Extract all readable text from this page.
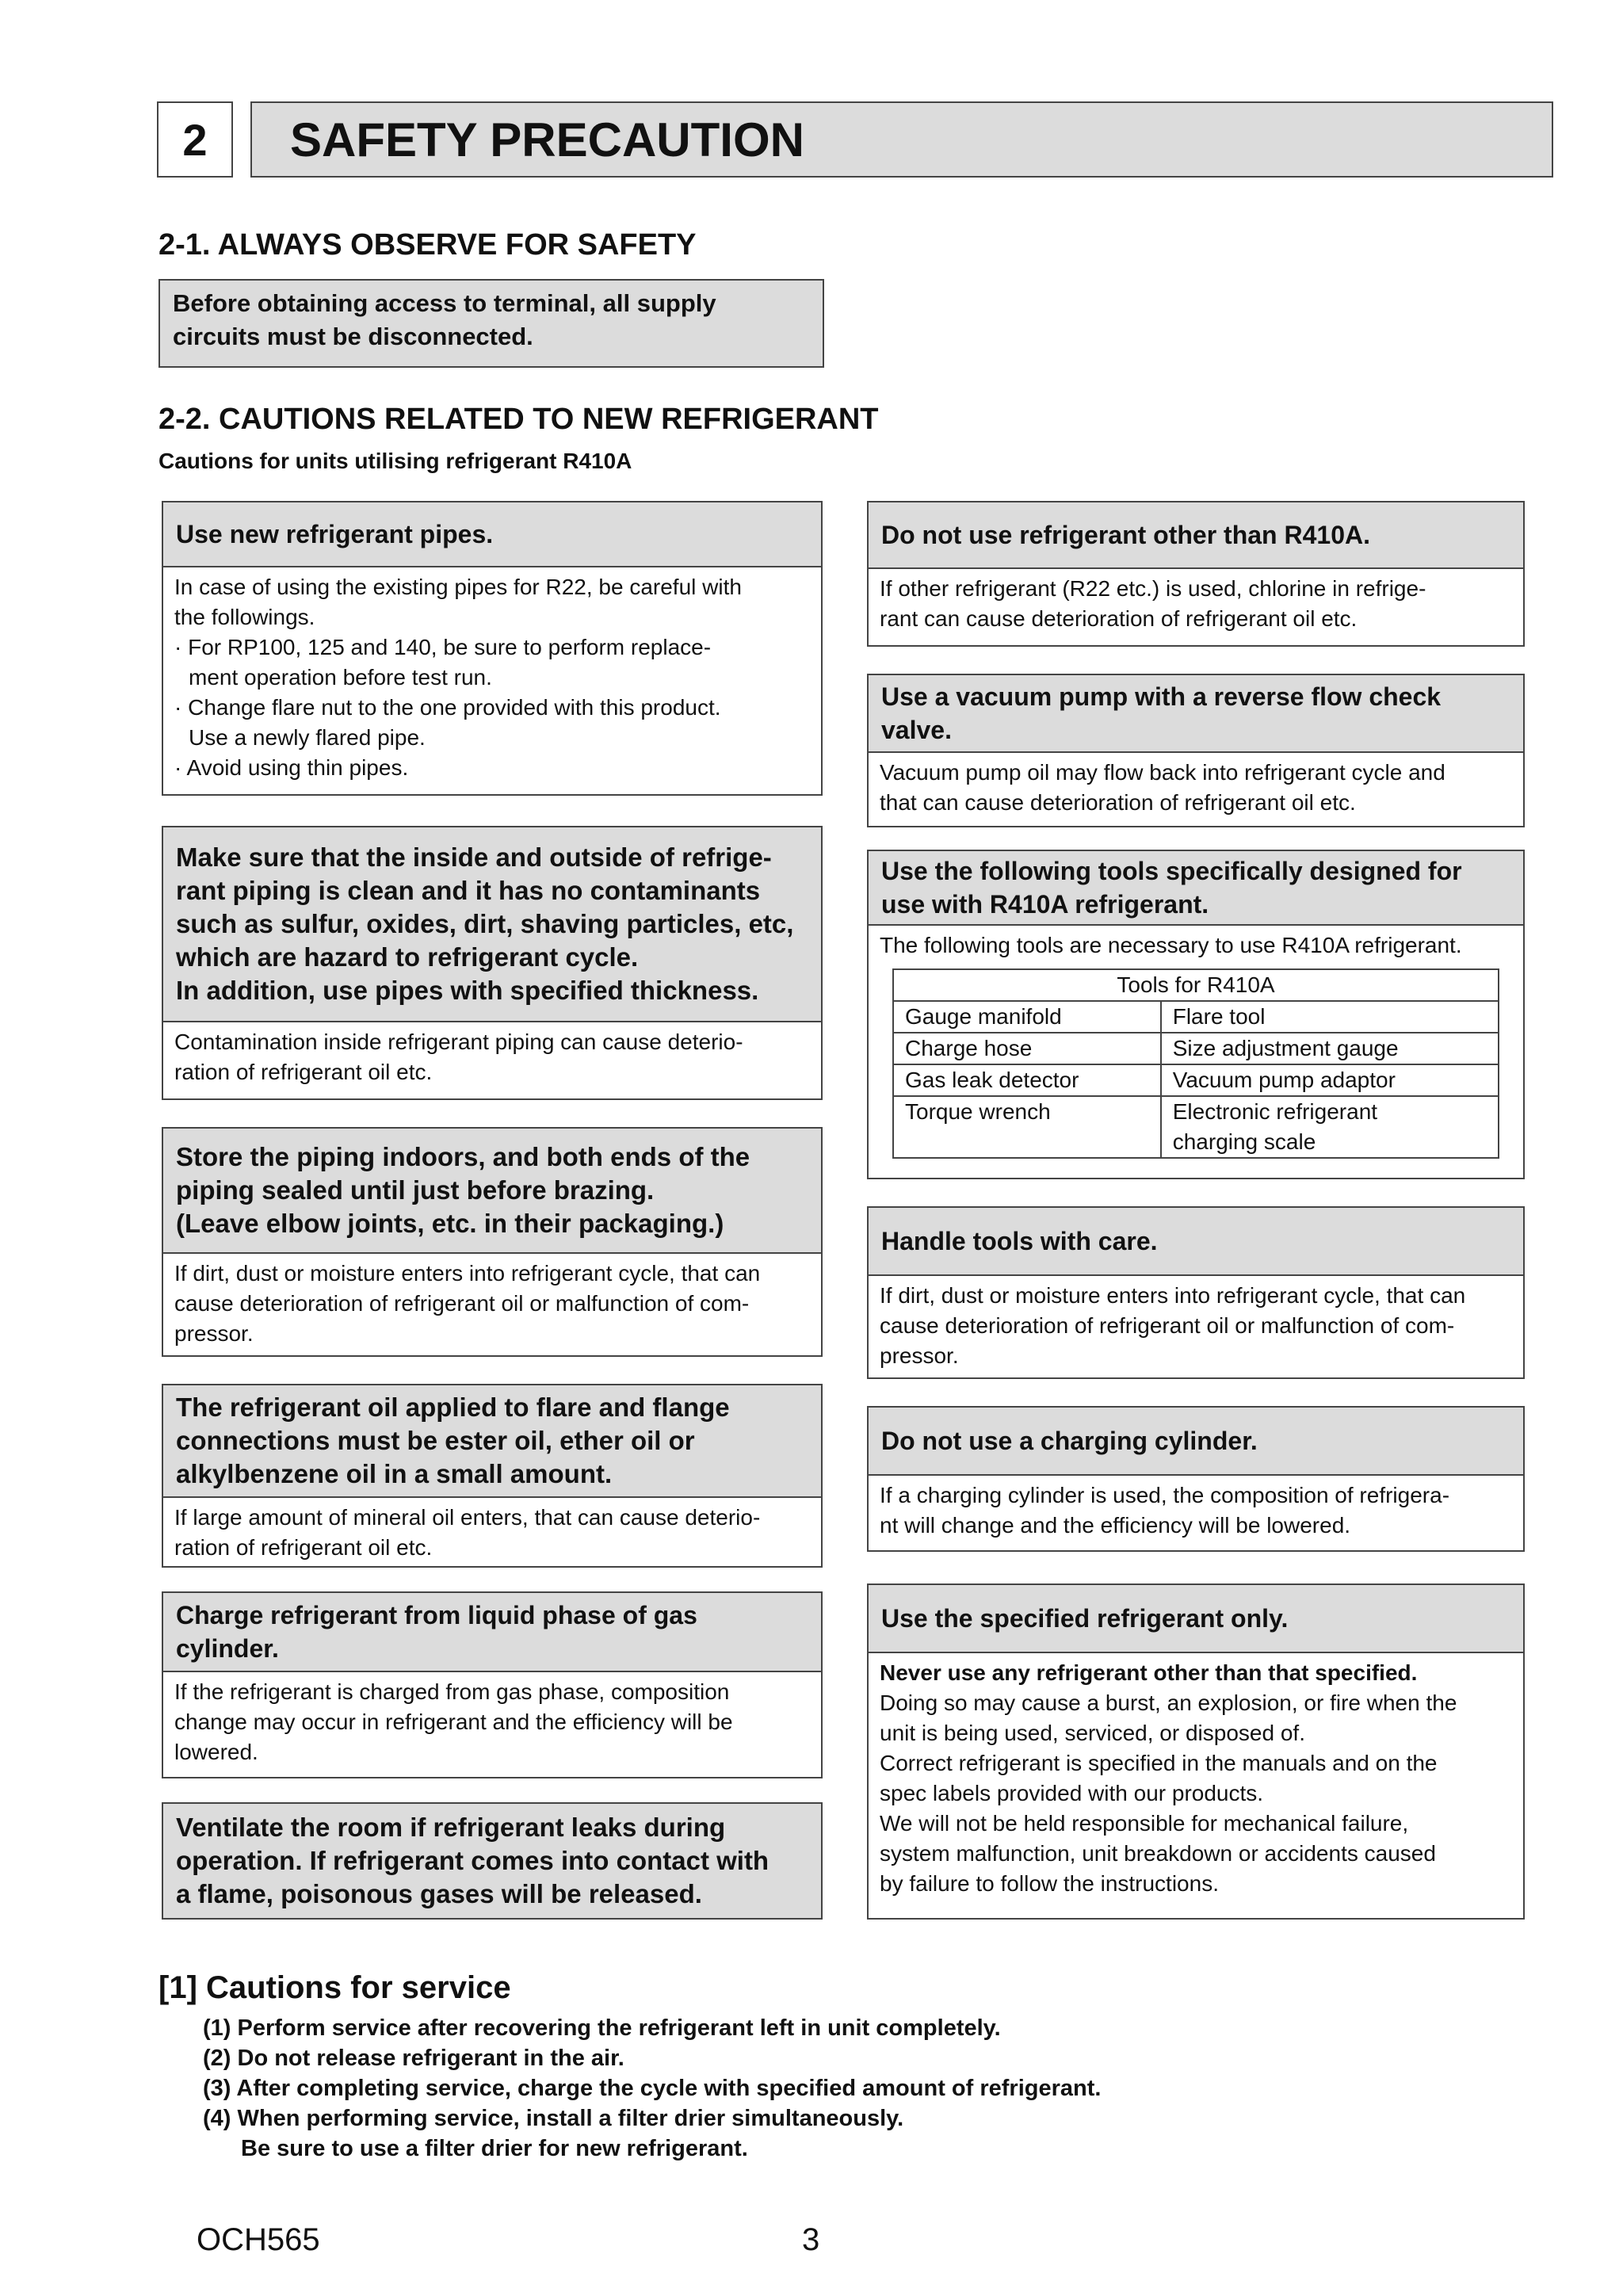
2	SAFETY PRECAUTION
2-1. ALWAYS OBSERVE FOR SAFETY
Before obtaining access to terminal, all supply
circuits must be disconnected.
2-2. CAUTIONS RELATED TO NEW REFRIGERANT
Cautions for units utilising refrigerant R410A
Use new refrigerant pipes.
In case of using the existing pipes for R22, be careful with
the followings.
· For RP100, 125 and 140, be sure to perform replace-
ment operation before test run.
· Change flare nut to the one provided with this product.
Use a newly flared pipe.
· Avoid using thin pipes.
Make sure that the inside and outside of refrige-
rant piping is clean and it has no contaminants
such as sulfur, oxides, dirt, shaving particles, etc,
which are hazard to refrigerant cycle.
In addition, use pipes with specified thickness.
Contamination inside refrigerant piping can cause deterio-
ration of refrigerant oil etc.
Store the piping indoors, and both ends of the
piping sealed until just before brazing.
(Leave elbow joints, etc. in their packaging.)
If dirt, dust or moisture enters into refrigerant cycle, that can
cause deterioration of refrigerant oil or malfunction of com-
pressor.
The refrigerant oil applied to flare and flange
connections must be ester oil, ether oil or
alkylbenzene oil in a small amount.
If large amount of mineral oil enters, that can cause deterio-
ration of refrigerant oil etc.
Charge refrigerant from liquid phase of gas
cylinder.
If the refrigerant is charged from gas phase, composition
change may occur in refrigerant and the efficiency will be
lowered.
Ventilate the room if refrigerant leaks during
operation. If refrigerant comes into contact with
a flame, poisonous gases will be released.
Do not use refrigerant other than R410A.
If other refrigerant (R22 etc.) is used, chlorine in refrige-
rant can cause deterioration of refrigerant oil etc.
Use a vacuum pump with a reverse flow check
valve.
Vacuum pump oil may flow back into refrigerant cycle and
that can cause deterioration of refrigerant oil etc.
Use the following tools specifically designed for
use with R410A refrigerant.
The following tools are necessary to use R410A refrigerant.
Tools for R410A	
Gauge manifold	Flare tool
Charge hose	Size adjustment gauge
Gas leak detector	Vacuum pump adaptor
Torque wrench	Electronic refrigerant
charging scale
Handle tools with care.
If dirt, dust or moisture enters into refrigerant cycle, that can
cause deterioration of refrigerant oil or malfunction of com-
pressor.
Do not use a charging cylinder.
If a charging cylinder is used, the composition of refrigera-
nt will change and the efficiency will be lowered.
Use the specified refrigerant only.
Never use any refrigerant other than that specified.
Doing so may cause a burst, an explosion, or fire when the
unit is being used, serviced, or disposed of.
Correct refrigerant is specified in the manuals and on the
spec labels provided with our products.
We will not be held responsible for mechanical failure,
system malfunction, unit breakdown or accidents caused
by failure to follow the instructions.
[1] Cautions for service
(1) Perform service after recovering the refrigerant left in unit completely.
(2) Do not release refrigerant in the air.
(3) After completing service, charge the cycle with specified amount of refrigerant.
(4) When performing service, install a filter drier simultaneously.
Be sure to use a filter drier for new refrigerant.
OCH565	3
